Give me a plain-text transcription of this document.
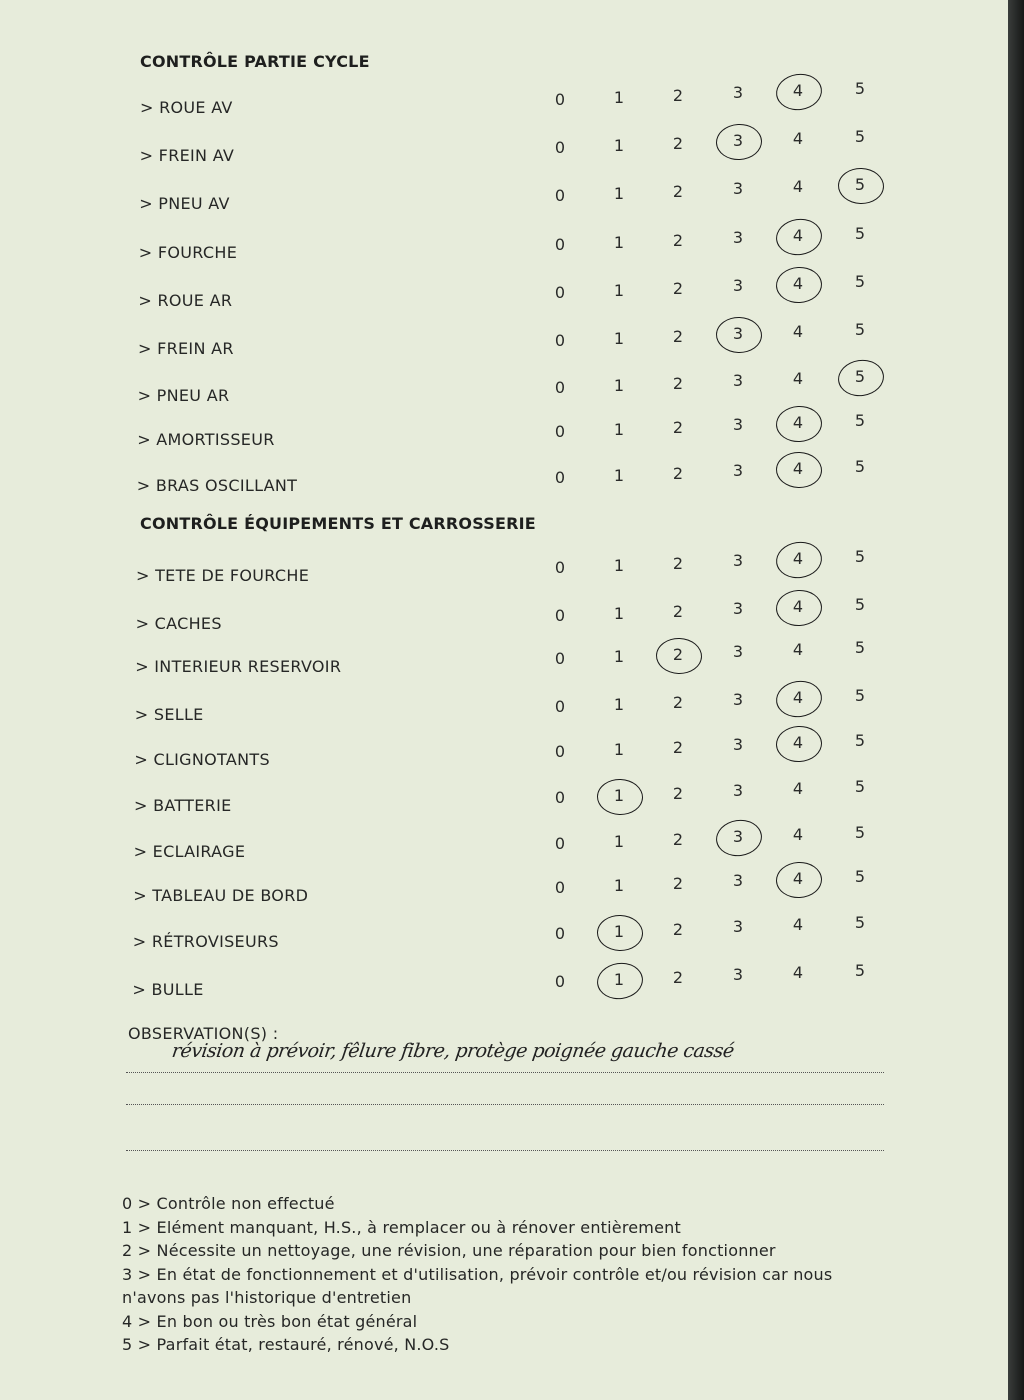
CONTRÔLE PARTIE CYCLE
> ROUE AV	0	1	2	3	4	5
> FREIN AV	0	1	2	3	4	5
> PNEU AV	0	1	2	3	4	5
> FOURCHE	0	1	2	3	4	5
> ROUE AR	0	1	2	3	4	5
> FREIN AR	0	1	2	3	4	5
> PNEU AR	0	1	2	3	4	5
> AMORTISSEUR	0	1	2	3	4	5
> BRAS OSCILLANT	0	1	2	3	4	5
CONTRÔLE ÉQUIPEMENTS ET CARROSSERIE
> TETE DE FOURCHE	0	1	2	3	4	5
> CACHES	0	1	2	3	4	5
> INTERIEUR RESERVOIR	0	1	2	3	4	5
> SELLE	0	1	2	3	4	5
> CLIGNOTANTS	0	1	2	3	4	5
> BATTERIE	0	1	2	3	4	5
> ECLAIRAGE	0	1	2	3	4	5
> TABLEAU DE BORD	0	1	2	3	4	5
> RÉTROVISEURS	0	1	2	3	4	5
> BULLE	0	1	2	3	4	5
OBSERVATION(S) :
révision à prévoir, fêlure fibre, protège poignée gauche cassé
0 > Contrôle non effectué
1 > Elément manquant, H.S., à remplacer ou à rénover entièrement
2 > Nécessite un nettoyage, une révision, une réparation pour bien fonctionner
3 > En état de fonctionnement et d'utilisation, prévoir contrôle et/ou révision car nous n'avons pas l'historique d'entretien
4 > En bon ou très bon état général
5 > Parfait état, restauré, rénové, N.O.S
